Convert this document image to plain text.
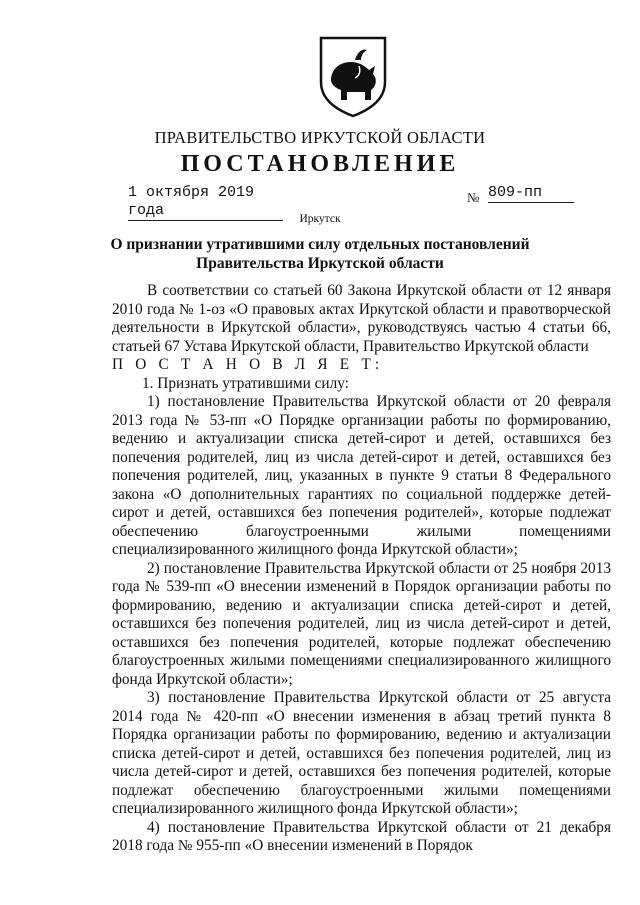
ПРАВИТЕЛЬСТВО ИРКУТСКОЙ ОБЛАСТИ
ПОСТАНОВЛЕНИЕ
1 октября 2019 года
№ 809-пп
Иркутск
О признании утратившими силу отдельных постановлений
Правительства Иркутской области

В соответствии со статьей 60 Закона Иркутской области от 12 января 2010 года № 1-оз «О правовых актах Иркутской области и правотворческой деятельности в Иркутской области», руководствуясь частью 4 статьи 66, статьей 67 Устава Иркутской области, Правительство Иркутской области

П О С Т А Н О В Л Я Е Т:

1. Признать утратившими силу:

1) постановление Правительства Иркутской области от 20 февраля 2013 года № 53-пп «О Порядке организации работы по формированию, ведению и актуализации списка детей-сирот и детей, оставшихся без попечения родителей, лиц из числа детей-сирот и детей, оставшихся без попечения родителей, лиц, указанных в пункте 9 статьи 8 Федерального закона «О дополнительных гарантиях по социальной поддержке детей-сирот и детей, оставшихся без попечения родителей», которые подлежат обеспечению благоустроенными жилыми помещениями специализированного жилищного фонда Иркутской области»;

2) постановление Правительства Иркутской области от 25 ноября 2013 года № 539-пп «О внесении изменений в Порядок организации работы по формированию, ведению и актуализации списка детей-сирот и детей, оставшихся без попечения родителей, лиц из числа детей-сирот и детей, оставшихся без попечения родителей, которые подлежат обеспечению благоустроенных жилыми помещениями специализированного жилищного фонда Иркутской области»;

3) постановление Правительства Иркутской области от 25 августа 2014 года № 420-пп «О внесении изменения в абзац третий пункта 8 Порядка организации работы по формированию, ведению и актуализации списка детей-сирот и детей, оставшихся без попечения родителей, лиц из числа детей-сирот и детей, оставшихся без попечения родителей, которые подлежат обеспечению благоустроенными жилыми помещениями специализированного жилищного фонда Иркутской области»;

4) постановление Правительства Иркутской области от 21 декабря 2018 года № 955-пп «О внесении изменений в Порядок
